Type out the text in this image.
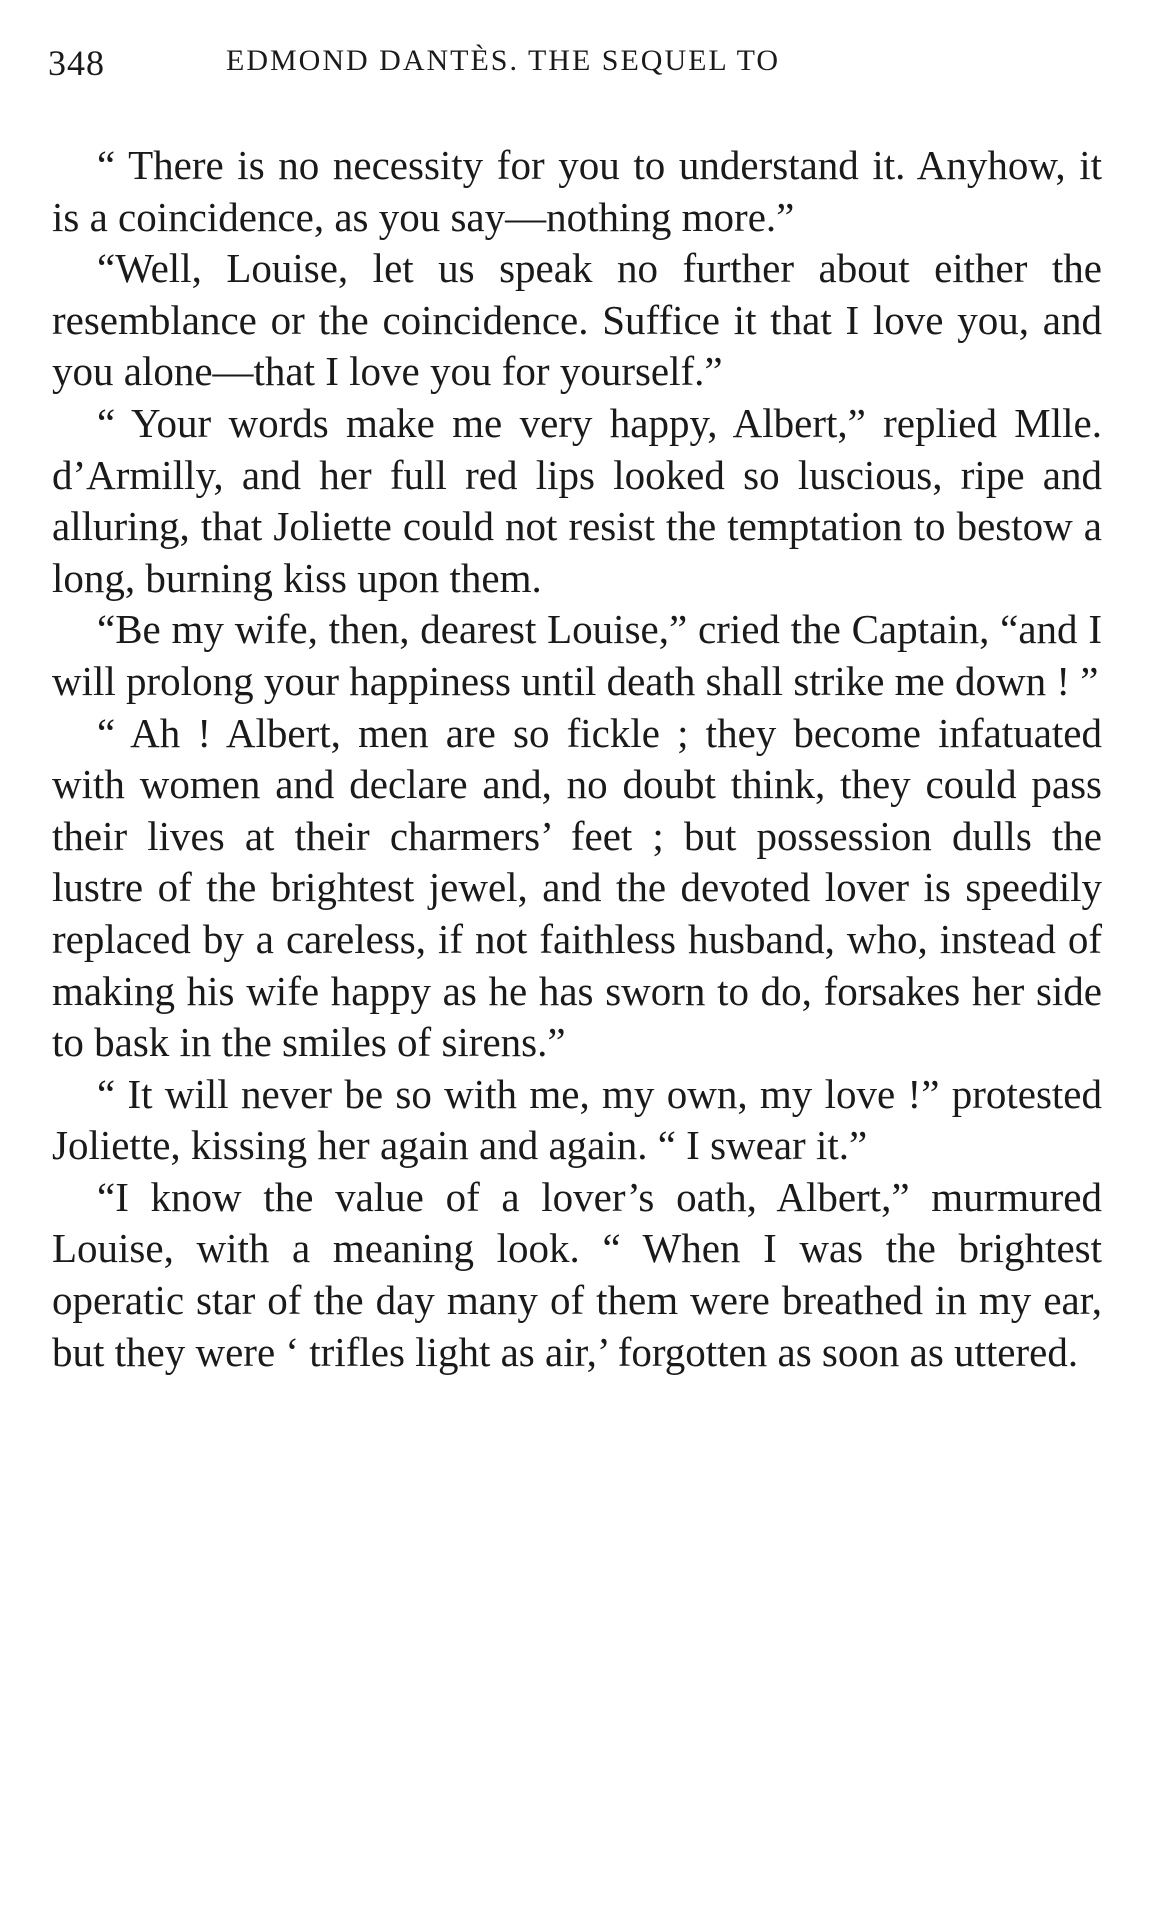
348	EDMOND DANTÈS. THE SEQUEL TO

“ There is no necessity for you to understand it. Anyhow, it is a coincidence, as you say—nothing more.”

“Well, Louise, let us speak no further about either the resemblance or the coincidence. Suffice it that I love you, and you alone—that I love you for yourself.”

“ Your words make me very happy, Albert,” replied Mlle. d’Armilly, and her full red lips looked so luscious, ripe and alluring, that Joliette could not resist the temptation to bestow a long, burning kiss upon them.

“Be my wife, then, dearest Louise,” cried the Captain, “and I will prolong your happiness until death shall strike me down ! ”

“ Ah ! Albert, men are so fickle ; they become infatuated with women and declare and, no doubt think, they could pass their lives at their charmers’ feet ; but possession dulls the lustre of the brightest jewel, and the devoted lover is speedily replaced by a careless, if not faithless husband, who, instead of making his wife happy as he has sworn to do, forsakes her side to bask in the smiles of sirens.”

“ It will never be so with me, my own, my love !” protested Joliette, kissing her again and again. “ I swear it.”

“I know the value of a lover’s oath, Albert,” murmured Louise, with a meaning look. “ When I was the brightest operatic star of the day many of them were breathed in my ear, but they were ‘ trifles light as air,’ forgotten as soon as uttered.
